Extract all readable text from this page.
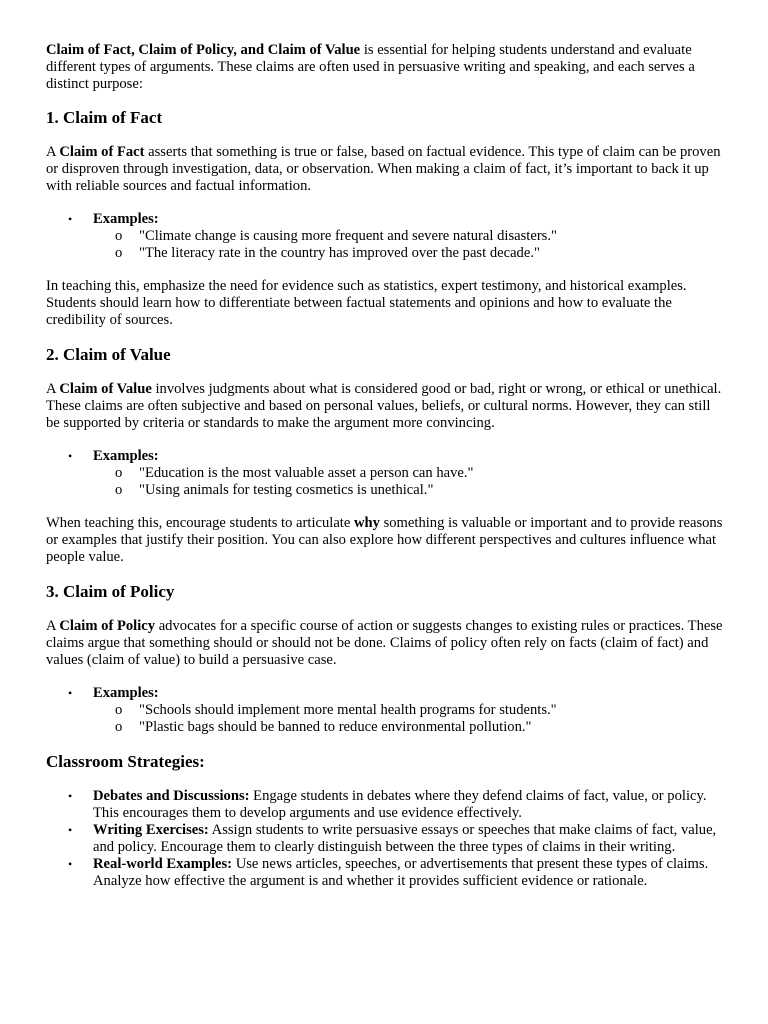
Claim of Fact, Claim of Policy, and Claim of Value is essential for helping students understand and evaluate different types of arguments. These claims are often used in persuasive writing and speaking, and each serves a distinct purpose:

1. Claim of Fact

A Claim of Fact asserts that something is true or false, based on factual evidence. This type of claim can be proven or disproven through investigation, data, or observation. When making a claim of fact, it’s important to back it up with reliable sources and factual information.

• Examples:
o "Climate change is causing more frequent and severe natural disasters."
o "The literacy rate in the country has improved over the past decade."

In teaching this, emphasize the need for evidence such as statistics, expert testimony, and historical examples. Students should learn how to differentiate between factual statements and opinions and how to evaluate the credibility of sources.

2. Claim of Value

A Claim of Value involves judgments about what is considered good or bad, right or wrong, or ethical or unethical. These claims are often subjective and based on personal values, beliefs, or cultural norms. However, they can still be supported by criteria or standards to make the argument more convincing.

• Examples:
o "Education is the most valuable asset a person can have."
o "Using animals for testing cosmetics is unethical."

When teaching this, encourage students to articulate why something is valuable or important and to provide reasons or examples that justify their position. You can also explore how different perspectives and cultures influence what people value.

3. Claim of Policy

A Claim of Policy advocates for a specific course of action or suggests changes to existing rules or practices. These claims argue that something should or should not be done. Claims of policy often rely on facts (claim of fact) and values (claim of value) to build a persuasive case.

• Examples:
o "Schools should implement more mental health programs for students."
o "Plastic bags should be banned to reduce environmental pollution."
Classroom Strategies:
• Debates and Discussions: Engage students in debates where they defend claims of fact, value, or policy. This encourages them to develop arguments and use evidence effectively.
• Writing Exercises: Assign students to write persuasive essays or speeches that make claims of fact, value, and policy. Encourage them to clearly distinguish between the three types of claims in their writing.
• Real-world Examples: Use news articles, speeches, or advertisements that present these types of claims. Analyze how effective the argument is and whether it provides sufficient evidence or rationale.
